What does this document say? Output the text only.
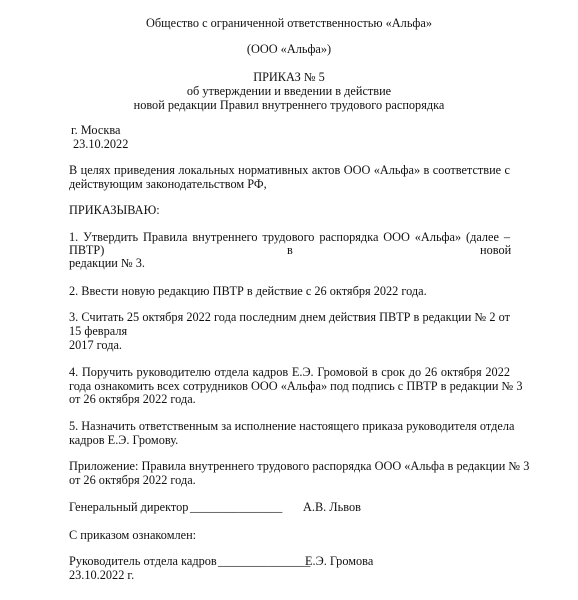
Общество с ограниченной ответственностью «Альфа»
(ООО «Альфа»)
ПРИКАЗ № 5
об утверждении и введении в действие
новой редакции Правил внутреннего трудового распорядка
г. Москва
23.10.2022
В целях приведения локальных нормативных актов ООО «Альфа» в соответствие с
действующим законодательством РФ,
ПРИКАЗЫВАЮ:
1. Утвердить Правила внутреннего трудового распорядка ООО «Альфа» (далее –
ПВТР)	в	новой
редакции № 3.
2. Ввести новую редакцию ПВТР в действие с 26 октября 2022 года.
3. Считать 25 октября 2022 года последним днем действия ПВТР в редакции № 2 от
15 февраля
2017 года.
4. Поручить руководителю отдела кадров Е.Э. Громовой в срок до 26 октября 2022
года ознакомить всех сотрудников ООО «Альфа» под подпись с ПВТР в редакции № 3
от 26 октября 2022 года.
5. Назначить ответственным за исполнение настоящего приказа руководителя отдела
кадров Е.Э. Громову.
Приложение: Правила внутреннего трудового распорядка ООО «Альфа в редакции № 3
от 26 октября 2022 года.
Генеральный директор _______________ А.В. Львов
С приказом ознакомлен:
Руководитель отдела кадров _______________
Е.Э. Громова
23.10.2022 г.
